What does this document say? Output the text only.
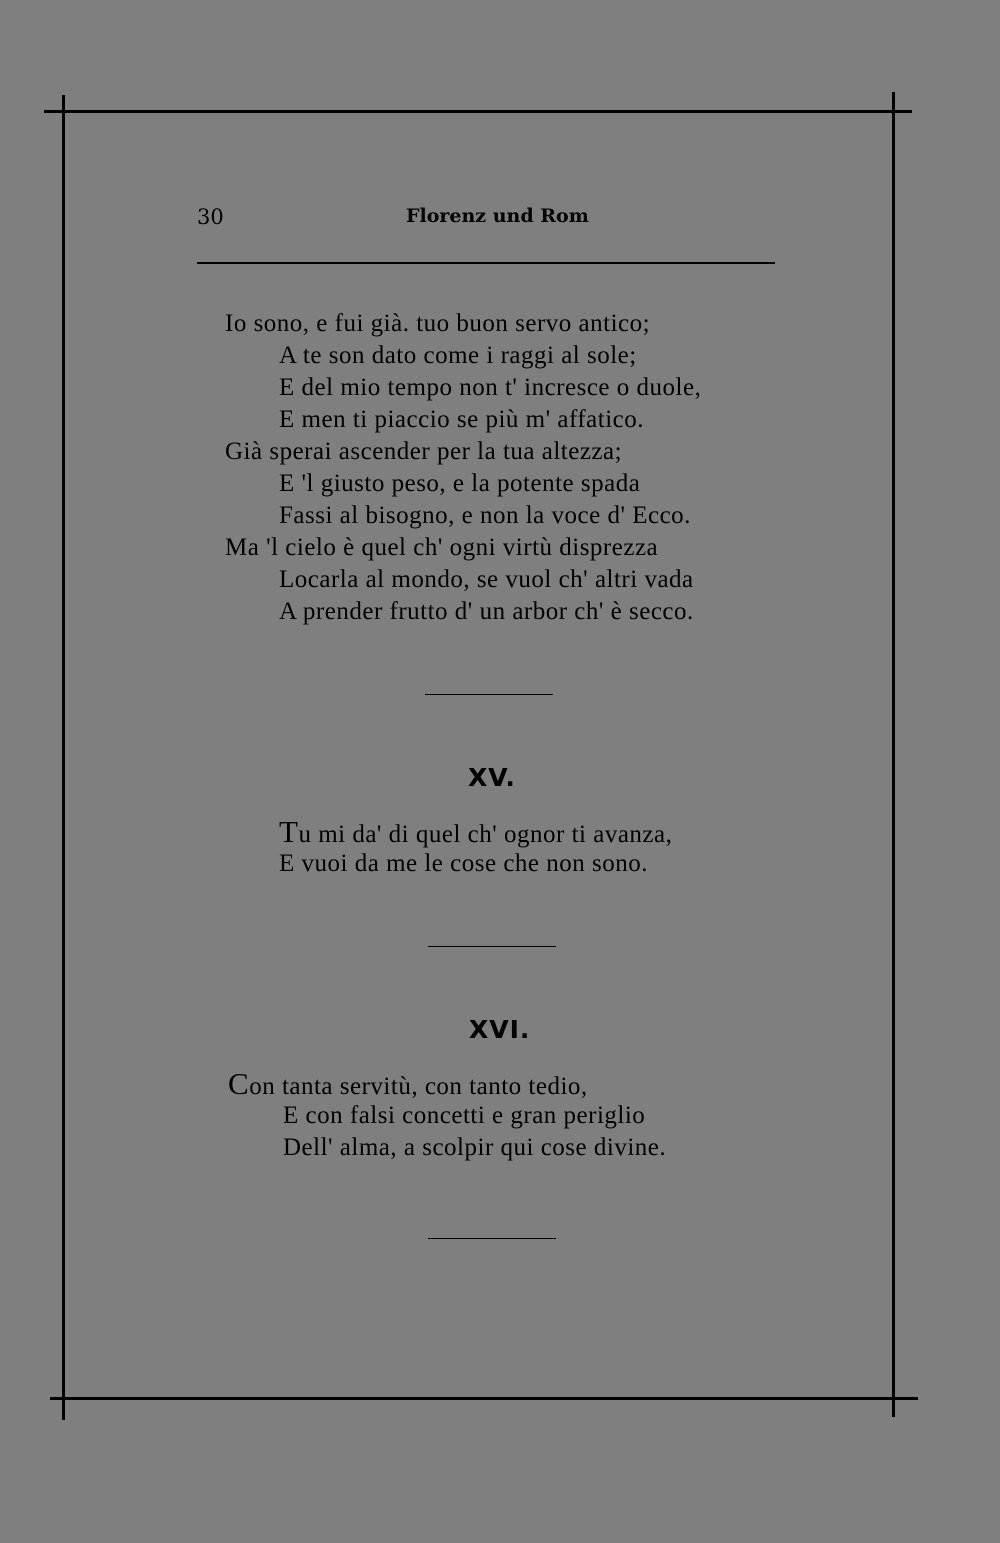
30	Florenz und Rom
Io sono, e fui già. tuo buon servo antico;
A te son dato come i raggi al sole;
E del mio tempo non t' incresce o duole,
E men ti piaccio se più m' affatico.
Già sperai ascender per la tua altezza;
E 'l giusto peso, e la potente spada
Fassi al bisogno, e non la voce d' Ecco.
Ma 'l cielo è quel ch' ogni virtù disprezza
Locarla al mondo, se vuol ch' altri vada
A prender frutto d' un arbor ch' è secco.
XV.
Tu mi da' di quel ch' ognor ti avanza,
E vuoi da me le cose che non sono.
XVI.
Con tanta servitù, con tanto tedio,
E con falsi concetti e gran periglio
Dell' alma, a scolpir qui cose divine.
